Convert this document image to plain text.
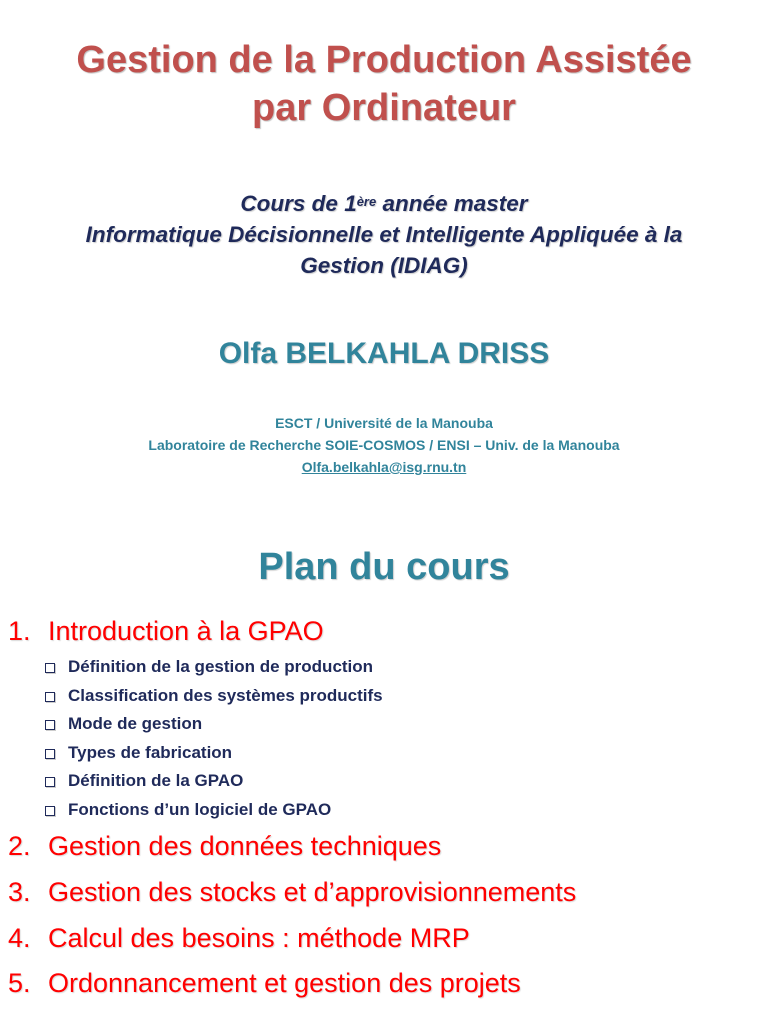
Gestion de la Production Assistée
par Ordinateur
Cours de 1ère année master
Informatique Décisionnelle et Intelligente Appliquée à la
Gestion (IDIAG)
Olfa BELKAHLA DRISS
ESCT / Université de la Manouba
Laboratoire de Recherche SOIE-COSMOS / ENSI – Univ. de la Manouba
Olfa.belkahla@isg.rnu.tn
Plan du cours
1. Introduction à la GPAO
Définition de la gestion de production
Classification des systèmes productifs
Mode de gestion
Types de fabrication
Définition de la GPAO
Fonctions d’un logiciel de GPAO
2. Gestion des données techniques
3. Gestion des stocks et d’approvisionnements
4. Calcul des besoins : méthode MRP
5. Ordonnancement et gestion des projets
